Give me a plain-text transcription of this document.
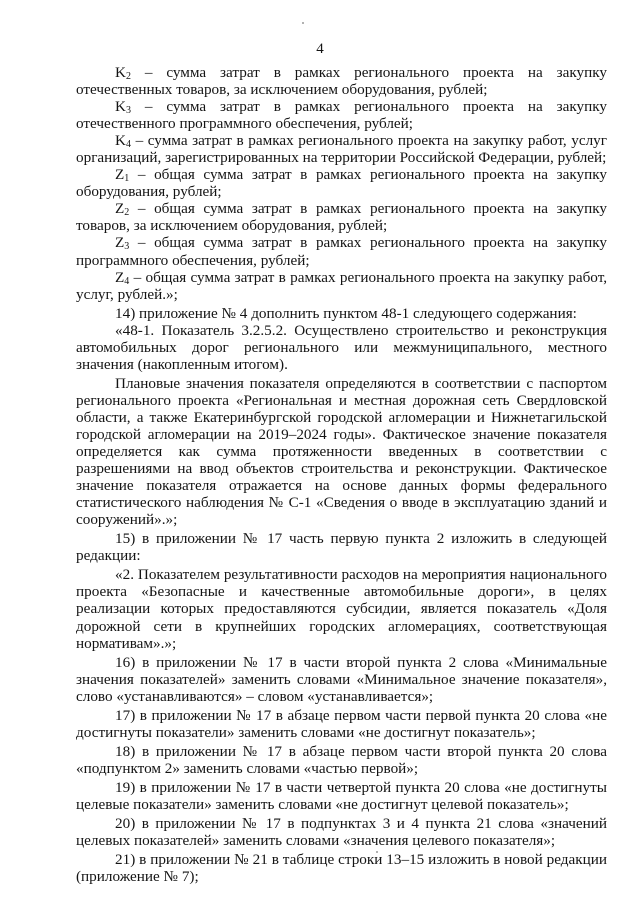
4

$K_2$ – сумма затрат в рамках регионального проекта на закупку отечественных товаров, за исключением оборудования, рублей;

$K_3$ – сумма затрат в рамках регионального проекта на закупку отечественного программного обеспечения, рублей;

$K_4$ – сумма затрат в рамках регионального проекта на закупку работ, услуг организаций, зарегистрированных на территории Российской Федерации, рублей;

$Z_1$ – общая сумма затрат в рамках регионального проекта на закупку оборудования, рублей;

$Z_2$ – общая сумма затрат в рамках регионального проекта на закупку товаров, за исключением оборудования, рублей;

$Z_3$ – общая сумма затрат в рамках регионального проекта на закупку программного обеспечения, рублей;

$Z_4$ – общая сумма затрат в рамках регионального проекта на закупку работ, услуг, рублей.»;

14) приложение № 4 дополнить пунктом 48-1 следующего содержания:

«48-1. Показатель 3.2.5.2. Осуществлено строительство и реконструкция автомобильных дорог регионального или межмуниципального, местного значения (накопленным итогом).

Плановые значения показателя определяются в соответствии с паспортом регионального проекта «Региональная и местная дорожная сеть Свердловской области, а также Екатеринбургской городской агломерации и Нижнетагильской городской агломерации на 2019–2024 годы». Фактическое значение показателя определяется как сумма протяженности введенных в соответствии с разрешениями на ввод объектов строительства и реконструкции. Фактическое значение показателя отражается на основе данных формы федерального статистического наблюдения № С-1 «Сведения о вводе в эксплуатацию зданий и сооружений».»;

15) в приложении № 17 часть первую пункта 2 изложить в следующей редакции:

«2. Показателем результативности расходов на мероприятия национального проекта «Безопасные и качественные автомобильные дороги», в целях реализации которых предоставляются субсидии, является показатель «Доля дорожной сети в крупнейших городских агломерациях, соответствующая нормативам».»;

16) в приложении № 17 в части второй пункта 2 слова «Минимальные значения показателей» заменить словами «Минимальное значение показателя», слово «устанавливаются» – словом «устанавливается»;

17) в приложении № 17 в абзаце первом части первой пункта 20 слова «не достигнуты показатели» заменить словами «не достигнут показатель»;

18) в приложении № 17 в абзаце первом части второй пункта 20 слова «подпунктом 2» заменить словами «частью первой»;

19) в приложении № 17 в части четвертой пункта 20 слова «не достигнуты целевые показатели» заменить словами «не достигнут целевой показатель»;

20) в приложении № 17 в подпунктах 3 и 4 пункта 21 слова «значений целевых показателей» заменить словами «значения целевого показателя»;

21) в приложении № 21 в таблице строки 13–15 изложить в новой редакции (приложение № 7);
